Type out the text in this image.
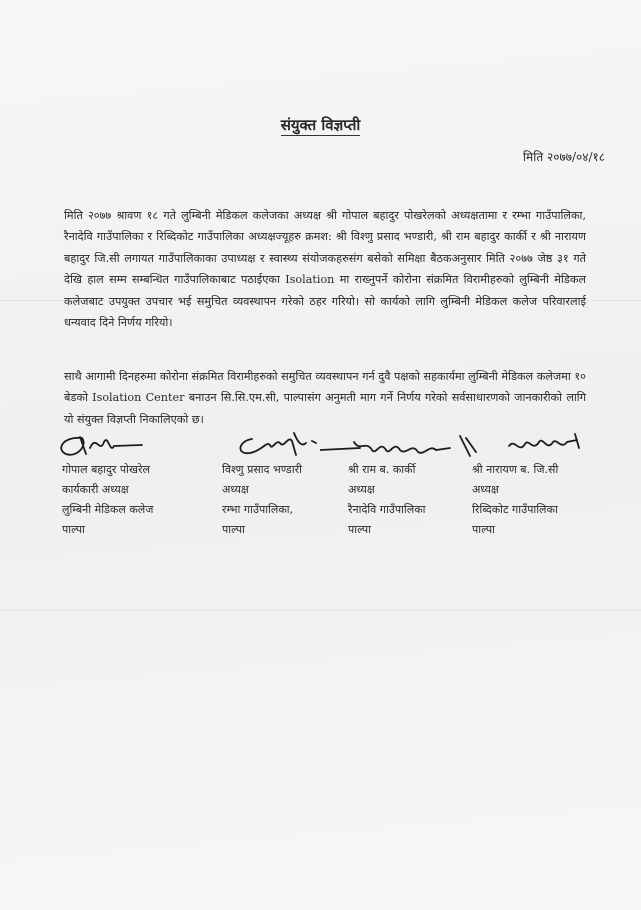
संयुक्त विज्ञप्ती
मिति २०७७/०४/१८
मिति २०७७ श्रावण १८ गते लुम्बिनी मेडिकल कलेजका अध्यक्ष श्री गोपाल बहादुर पोखरेलको अध्यक्षतामा र रम्भा गाउँपालिका, रैनादेवि गाउँपालिका र रिब्दिकोट गाउँपालिका अध्यक्षज्यूहरु क्रमश: श्री विश्णु प्रसाद भण्डारी, श्री राम बहादुर कार्की र श्री नारायण बहादुर जि.सी लगायत गाउँपालिकाका उपाध्यक्ष र स्वास्थ्य संयोजकहरुसंग बसेको समिक्षा बैठकअनुसार मिति २०७७ जेष्ठ ३१ गते देखि हाल सम्म सम्बन्धित गाउँपालिकाबाट पठाईएका Isolation मा राख्नुपर्ने कोरोना संक्रमित विरामीहरुको लुम्बिनी मेडिकल कलेजबाट उपयुक्त उपचार भई समुचित व्यवस्थापन गरेको ठहर गरियो। सो कार्यको लागि लुम्बिनी मेडिकल कलेज परिवारलाई धन्यवाद दिने निर्णय गरियो।
साथै आगामी दिनहरुमा कोरोना संक्रमित विरामीहरुको समुचित व्यवस्थापन गर्न दुवै पक्षको सहकार्यमा लुम्बिनी मेडिकल कलेजमा १० बेडको Isolation Center बनाउन सि.सि.एम.सी, पाल्पासंग अनुमती माग गर्ने निर्णय गरेको सर्वसाधारणको जानकारीको लागि यो संयुक्त विज्ञप्ती निकालिएको छ।
गोपाल बहादुर पोखरेल
कार्यकारी अध्यक्ष
लुम्बिनी मेडिकल कलेज
पाल्पा
विश्णु प्रसाद भण्डारी
अध्यक्ष
रम्भा गाउँपालिका,
पाल्पा
श्री राम ब. कार्की
अध्यक्ष
रैनादेवि गाउँपालिका
पाल्पा
श्री नारायण ब. जि.सी
अध्यक्ष
रिब्दिकोट गाउँपालिका
पाल्पा
